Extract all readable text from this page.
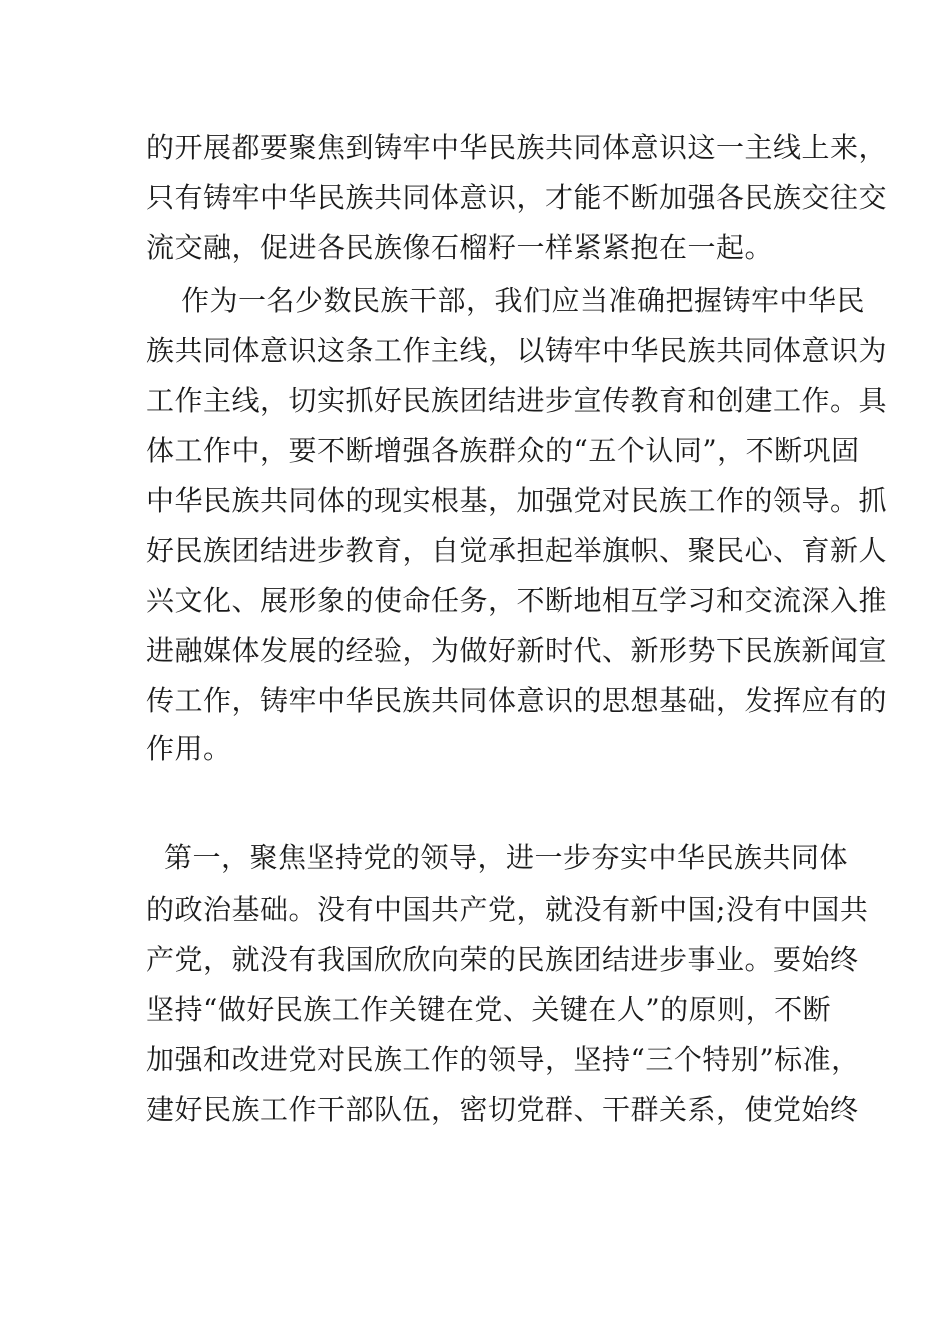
的开展都要聚焦到铸牢中华民族共同体意识这一主线上来，
只有铸牢中华民族共同体意识，才能不断加强各民族交往交
流交融，促进各民族像石榴籽一样紧紧抱在一起。
作为一名少数民族干部，我们应当准确把握铸牢中华民
族共同体意识这条工作主线，以铸牢中华民族共同体意识为
工作主线，切实抓好民族团结进步宣传教育和创建工作。具
体工作中，要不断增强各族群众的“五个认同”，不断巩固
中华民族共同体的现实根基，加强党对民族工作的领导。抓
好民族团结进步教育，自觉承担起举旗帜、聚民心、育新人
兴文化、展形象的使命任务，不断地相互学习和交流深入推
进融媒体发展的经验，为做好新时代、新形势下民族新闻宣
传工作，铸牢中华民族共同体意识的思想基础，发挥应有的
作用。
第一，聚焦坚持党的领导，进一步夯实中华民族共同体
的政治基础。没有中国共产党，就没有新中国;没有中国共
产党，就没有我国欣欣向荣的民族团结进步事业。要始终
坚持“做好民族工作关键在党、关键在人”的原则，不断
加强和改进党对民族工作的领导，坚持“三个特别”标准，
建好民族工作干部队伍，密切党群、干群关系，使党始终
